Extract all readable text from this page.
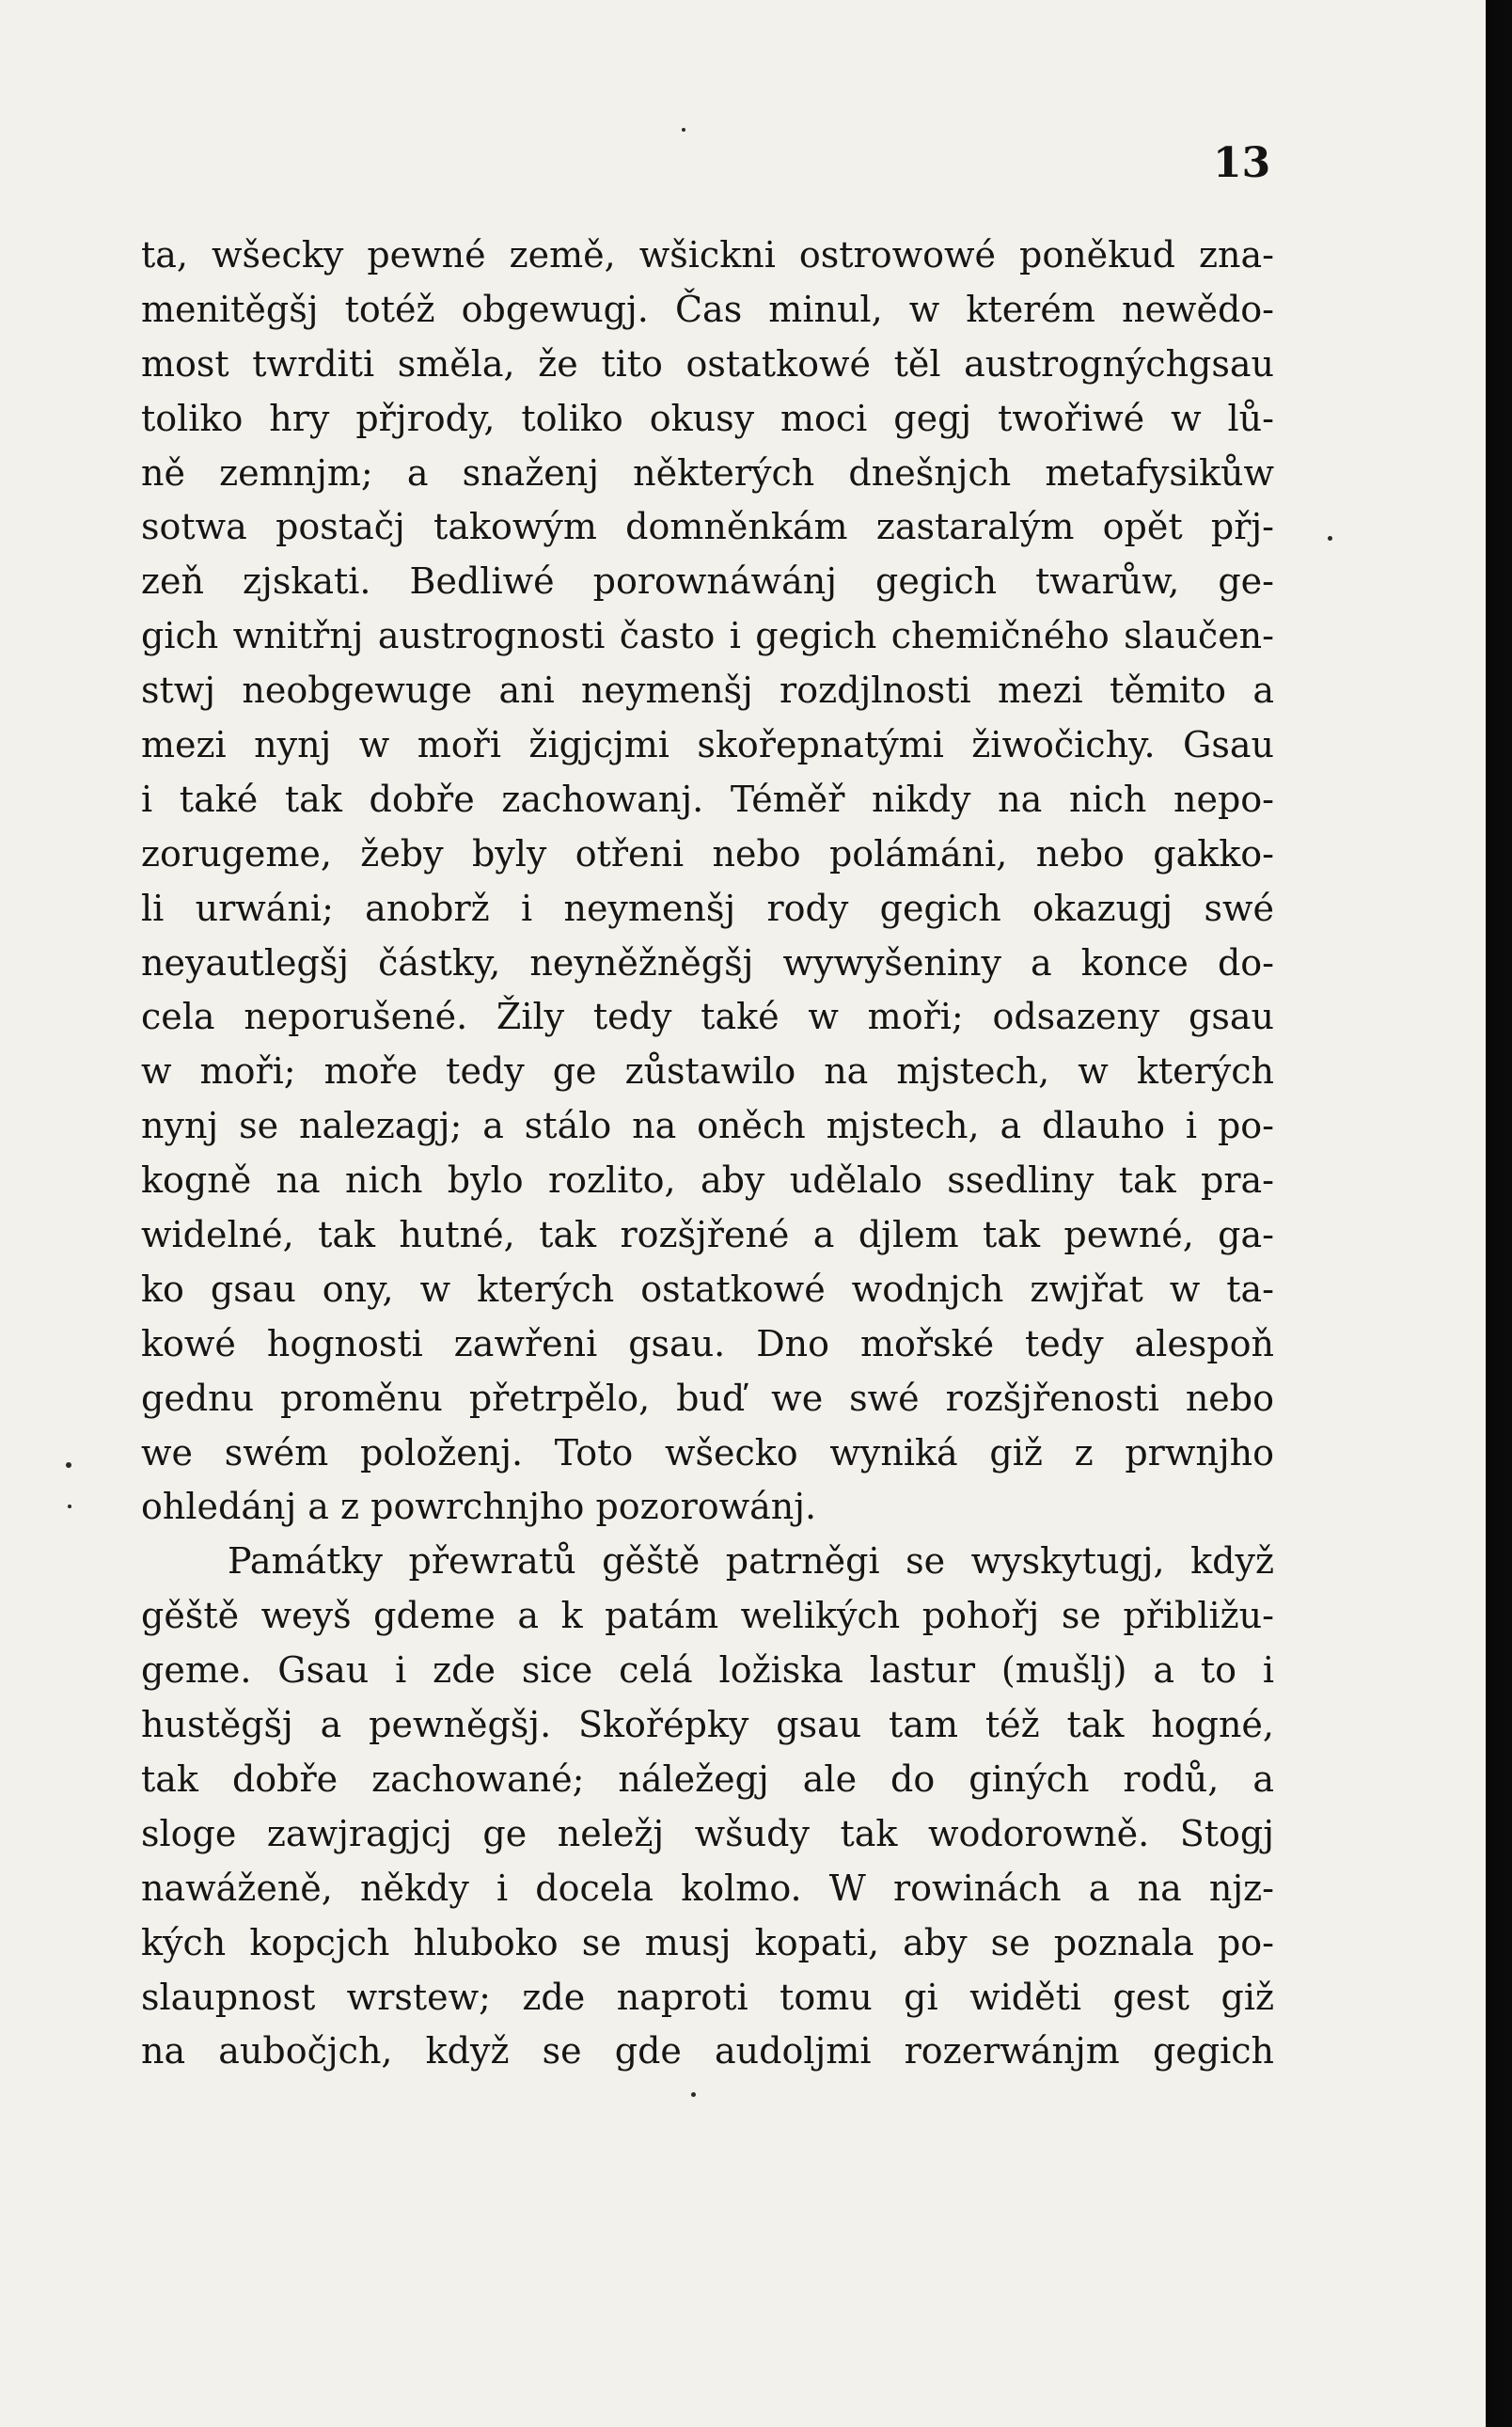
13
ta, wšecky pewné země, wšickni ostrowowé poněkud zna-
menitěgšj totéž obgewugj. Čas minul, w kterém newědo-
most twrditi směla, že tito ostatkowé těl austrognýchgsau
toliko hry přjrody, toliko okusy moci gegj twořiwé w lů-
ně zemnjm; a snaženj některých dnešnjch metafysikůw
sotwa postačj takowým domněnkám zastaralým opět přj-
zeň zjskati. Bedliwé porownáwánj gegich twarůw, ge-
gich wnitřnj austrognosti často i gegich chemičného slaučen-
stwj neobgewuge ani neymenšj rozdjlnosti mezi těmito a
mezi nynj w moři žigjcjmi skořepnatými žiwočichy. Gsau
i také tak dobře zachowanj. Téměř nikdy na nich nepo-
zorugeme, žeby byly otřeni nebo polámáni, nebo gakko-
li urwáni; anobrž i neymenšj rody gegich okazugj swé
neyautlegšj částky, neyněžněgšj wywyšeniny a konce do-
cela neporušené. Žily tedy také w moři; odsazeny gsau
w moři; moře tedy ge zůstawilo na mjstech, w kterých
nynj se nalezagj; a stálo na oněch mjstech, a dlauho i po-
kogně na nich bylo rozlito, aby udělalo ssedliny tak pra-
widelné, tak hutné, tak rozšjřené a djlem tak pewné, ga-
ko gsau ony, w kterých ostatkowé wodnjch zwjřat w ta-
kowé hognosti zawřeni gsau. Dno mořské tedy alespoň
gednu proměnu přetrpělo, buď we swé rozšjřenosti nebo
we swém položenj. Toto wšecko wyniká giž z prwnjho
ohledánj a z powrchnjho pozorowánj.
Památky přewratů gěště patrněgi se wyskytugj, když
gěště weyš gdeme a k patám welikých pohořj se přibližu-
geme. Gsau i zde sice celá ložiska lastur (mušlj) a to i
hustěgšj a pewněgšj. Skořépky gsau tam též tak hogné,
tak dobře zachowané; náležegj ale do giných rodů, a
sloge zawjragjcj ge neležj wšudy tak wodorowně. Stogj
nawáženě, někdy i docela kolmo. W rowinách a na njz-
kých kopcjch hluboko se musj kopati, aby se poznala po-
slaupnost wrstew; zde naproti tomu gi widěti gest giž
na aubočjch, když se gde audoljmi rozerwánjm gegich
